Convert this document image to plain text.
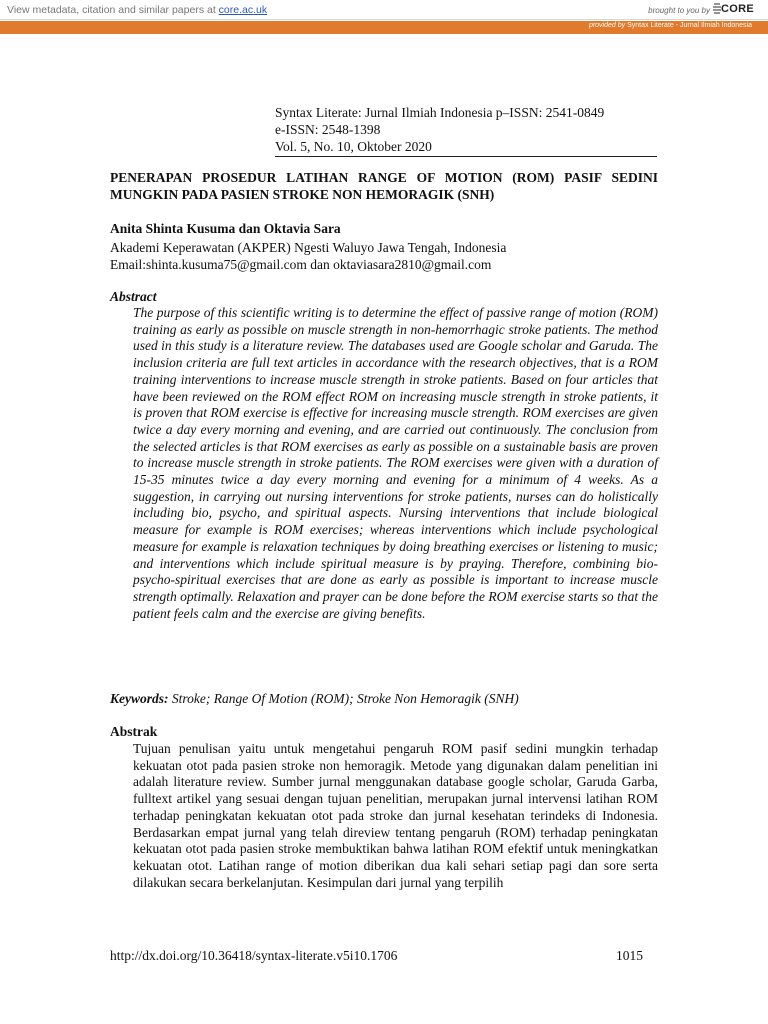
View metadata, citation and similar papers at core.ac.uk	brought to you by CORE
provided by Syntax Literate - Jurnal Ilmiah Indonesia
Syntax Literate: Jurnal Ilmiah Indonesia p–ISSN: 2541-0849
e-ISSN: 2548-1398
Vol. 5, No. 10, Oktober 2020
PENERAPAN PROSEDUR LATIHAN RANGE OF MOTION (ROM) PASIF SEDINI MUNGKIN PADA PASIEN STROKE NON HEMORAGIK (SNH)
Anita Shinta Kusuma dan Oktavia Sara
Akademi Keperawatan (AKPER) Ngesti Waluyo Jawa Tengah, Indonesia
Email:shinta.kusuma75@gmail.com dan oktaviasara2810@gmail.com
Abstract
The purpose of this scientific writing is to determine the effect of passive range of motion (ROM) training as early as possible on muscle strength in non-hemorrhagic stroke patients. The method used in this study is a literature review. The databases used are Google scholar and Garuda. The inclusion criteria are full text articles in accordance with the research objectives, that is a ROM training interventions to increase muscle strength in stroke patients. Based on four articles that have been reviewed on the ROM effect ROM on increasing muscle strength in stroke patients, it is proven that ROM exercise is effective for increasing muscle strength. ROM exercises are given twice a day every morning and evening, and are carried out continuously. The conclusion from the selected articles is that ROM exercises as early as possible on a sustainable basis are proven to increase muscle strength in stroke patients. The ROM exercises were given with a duration of 15-35 minutes twice a day every morning and evening for a minimum of 4 weeks. As a suggestion, in carrying out nursing interventions for stroke patients, nurses can do holistically including bio, psycho, and spiritual aspects. Nursing interventions that include biological measure for example is ROM exercises; whereas interventions which include psychological measure for example is relaxation techniques by doing breathing exercises or listening to music; and interventions which include spiritual measure is by praying. Therefore, combining bio-psycho-spiritual exercises that are done as early as possible is important to increase muscle strength optimally. Relaxation and prayer can be done before the ROM exercise starts so that the patient feels calm and the exercise are giving benefits.
Keywords: Stroke; Range Of Motion (ROM); Stroke Non Hemoragik (SNH)
Abstrak
Tujuan penulisan yaitu untuk mengetahui pengaruh ROM pasif sedini mungkin terhadap kekuatan otot pada pasien stroke non hemoragik. Metode yang digunakan dalam penelitian ini adalah literature review. Sumber jurnal menggunakan database google scholar, Garuda Garba, fulltext artikel yang sesuai dengan tujuan penelitian, merupakan jurnal intervensi latihan ROM terhadap peningkatan kekuatan otot pada stroke dan jurnal kesehatan terindeks di Indonesia. Berdasarkan empat jurnal yang telah direview tentang pengaruh (ROM) terhadap peningkatan kekuatan otot pada pasien stroke membuktikan bahwa latihan ROM efektif untuk meningkatkan kekuatan otot. Latihan range of motion diberikan dua kali sehari setiap pagi dan sore serta dilakukan secara berkelanjutan. Kesimpulan dari jurnal yang terpilih
http://dx.doi.org/10.36418/syntax-literate.v5i10.1706	1015
